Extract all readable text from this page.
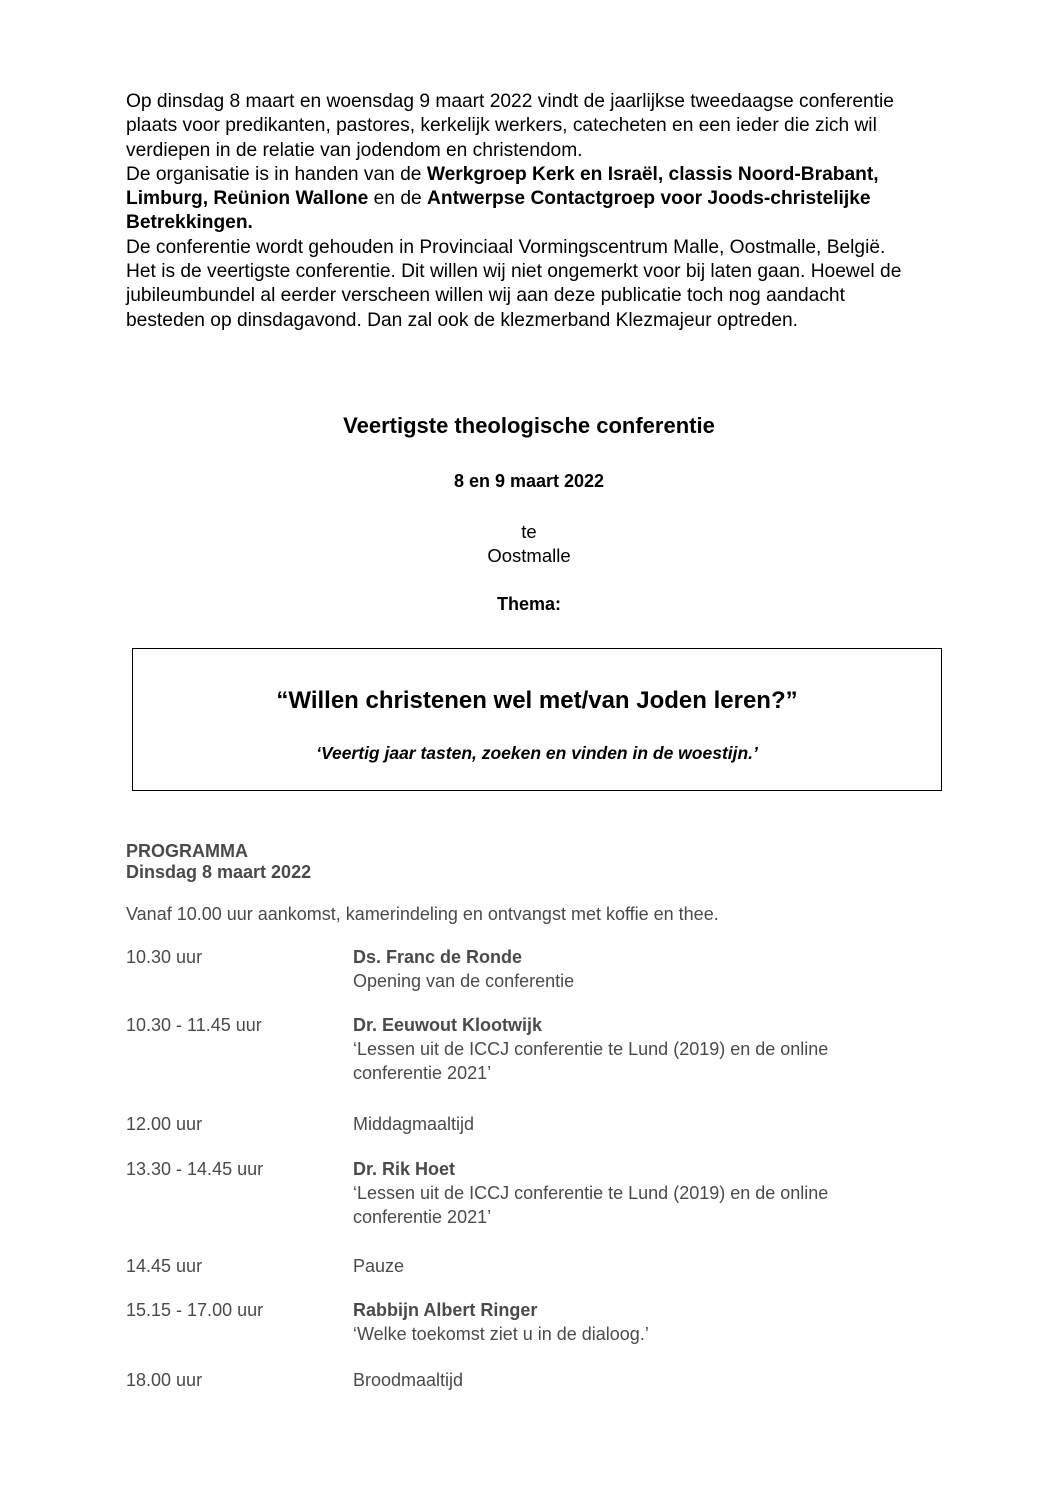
Op dinsdag 8 maart en woensdag 9 maart 2022 vindt de jaarlijkse tweedaagse conferentie plaats voor predikanten, pastores, kerkelijk werkers, catecheten en een ieder die zich wil verdiepen in de relatie van jodendom en christendom.

De organisatie is in handen van de Werkgroep Kerk en Israël, classis Noord-Brabant, Limburg, Reünion Wallone en de Antwerpse Contactgroep voor Joods-christelijke Betrekkingen.

De conferentie wordt gehouden in Provinciaal Vormingscentrum Malle, Oostmalle, België.

Het is de veertigste conferentie. Dit willen wij niet ongemerkt voor bij laten gaan. Hoewel de jubileumbundel al eerder verscheen willen wij aan deze publicatie toch nog aandacht besteden op dinsdagavond. Dan zal ook de klezmerband Klezmajeur optreden.

Veertigste theologische conferentie
8 en 9 maart 2022
te
Oostmalle
Thema:
“Willen christenen wel met/van Joden leren?”
‘Veertig jaar tasten, zoeken en vinden in de woestijn.’
PROGRAMMA
Dinsdag 8 maart 2022
Vanaf 10.00 uur aankomst, kamerindeling en ontvangst met koffie en thee.
10.30 uur	Ds. Franc de Ronde
Opening van de conferentie
10.30 - 11.45 uur	Dr. Eeuwout Klootwijk
‘Lessen uit de ICCJ conferentie te Lund (2019) en de online
conferentie 2021’
12.00 uur	Middagmaaltijd
13.30 - 14.45 uur	Dr. Rik Hoet
‘Lessen uit de ICCJ conferentie te Lund (2019) en de online
conferentie 2021’
14.45 uur	Pauze
15.15 - 17.00 uur	Rabbijn Albert Ringer
‘Welke toekomst ziet u in de dialoog.’
18.00 uur	Broodmaaltijd
